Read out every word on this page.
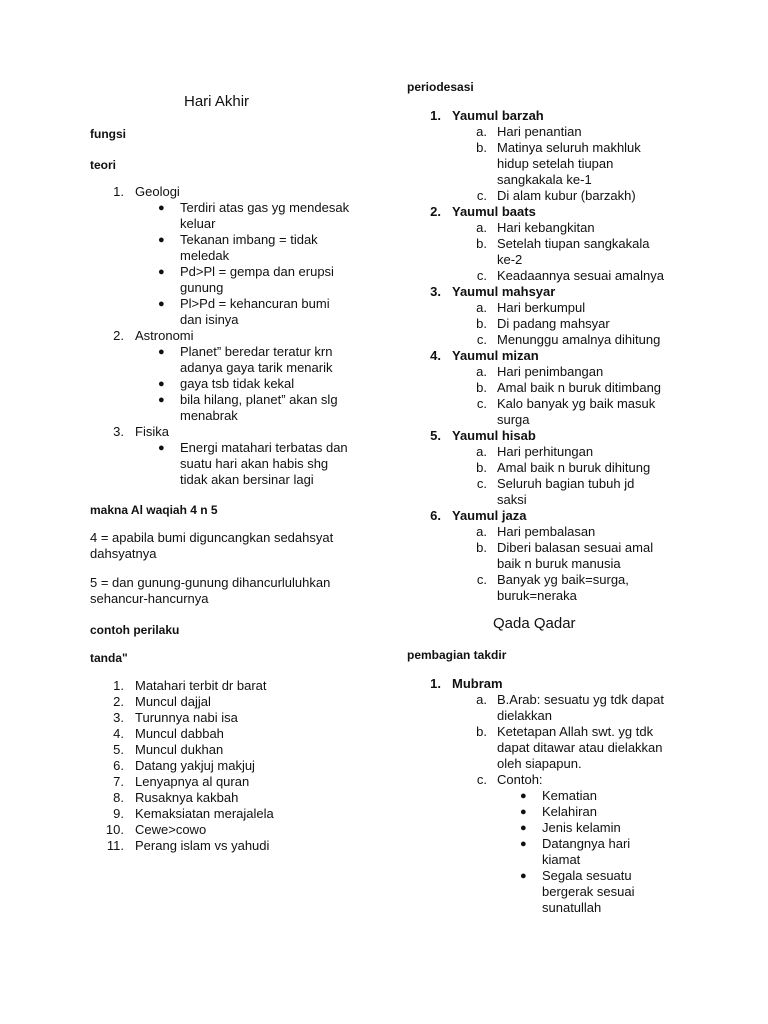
Hari Akhir
fungsi
teori
1. Geologi
● Terdiri atas gas yg mendesak
keluar
● Tekanan imbang = tidak
meledak
● Pd>Pl = gempa dan erupsi
gunung
● Pl>Pd = kehancuran bumi
dan isinya
2. Astronomi
● Planet” beredar teratur krn
adanya gaya tarik menarik
● gaya tsb tidak kekal
● bila hilang, planet” akan slg
menabrak
3. Fisika
● Energi matahari terbatas dan
suatu hari akan habis shg
tidak akan bersinar lagi
makna Al waqiah 4 n 5
4 = apabila bumi diguncangkan sedahsyat
dahsyatnya
5 = dan gunung-gunung dihancurluluhkan
sehancur-hancurnya
contoh perilaku
tanda"
1. Matahari terbit dr barat
2. Muncul dajjal
3. Turunnya nabi isa
4. Muncul dabbah
5. Muncul dukhan
6. Datang yakjuj makjuj
7. Lenyapnya al quran
8. Rusaknya kakbah
9. Kemaksiatan merajalela
10. Cewe>cowo
11. Perang islam vs yahudi
periodesasi
1. Yaumul barzah
a. Hari penantian
b. Matinya seluruh makhluk
hidup setelah tiupan
sangkakala ke-1
c. Di alam kubur (barzakh)
2. Yaumul baats
a. Hari kebangkitan
b. Setelah tiupan sangkakala
ke-2
c. Keadaannya sesuai amalnya
3. Yaumul mahsyar
a. Hari berkumpul
b. Di padang mahsyar
c. Menunggu amalnya dihitung
4. Yaumul mizan
a. Hari penimbangan
b. Amal baik n buruk ditimbang
c. Kalo banyak yg baik masuk
surga
5. Yaumul hisab
a. Hari perhitungan
b. Amal baik n buruk dihitung
c. Seluruh bagian tubuh jd
saksi
6. Yaumul jaza
a. Hari pembalasan
b. Diberi balasan sesuai amal
baik n buruk manusia
c. Banyak yg baik=surga,
buruk=neraka
Qada Qadar
pembagian takdir
1. Mubram
a. B.Arab: sesuatu yg tdk dapat
dielakkan
b. Ketetapan Allah swt. yg tdk
dapat ditawar atau dielakkan
oleh siapapun.
c. Contoh:
● Kematian
● Kelahiran
● Jenis kelamin
● Datangnya hari
kiamat
● Segala sesuatu
bergerak sesuai
sunatullah
